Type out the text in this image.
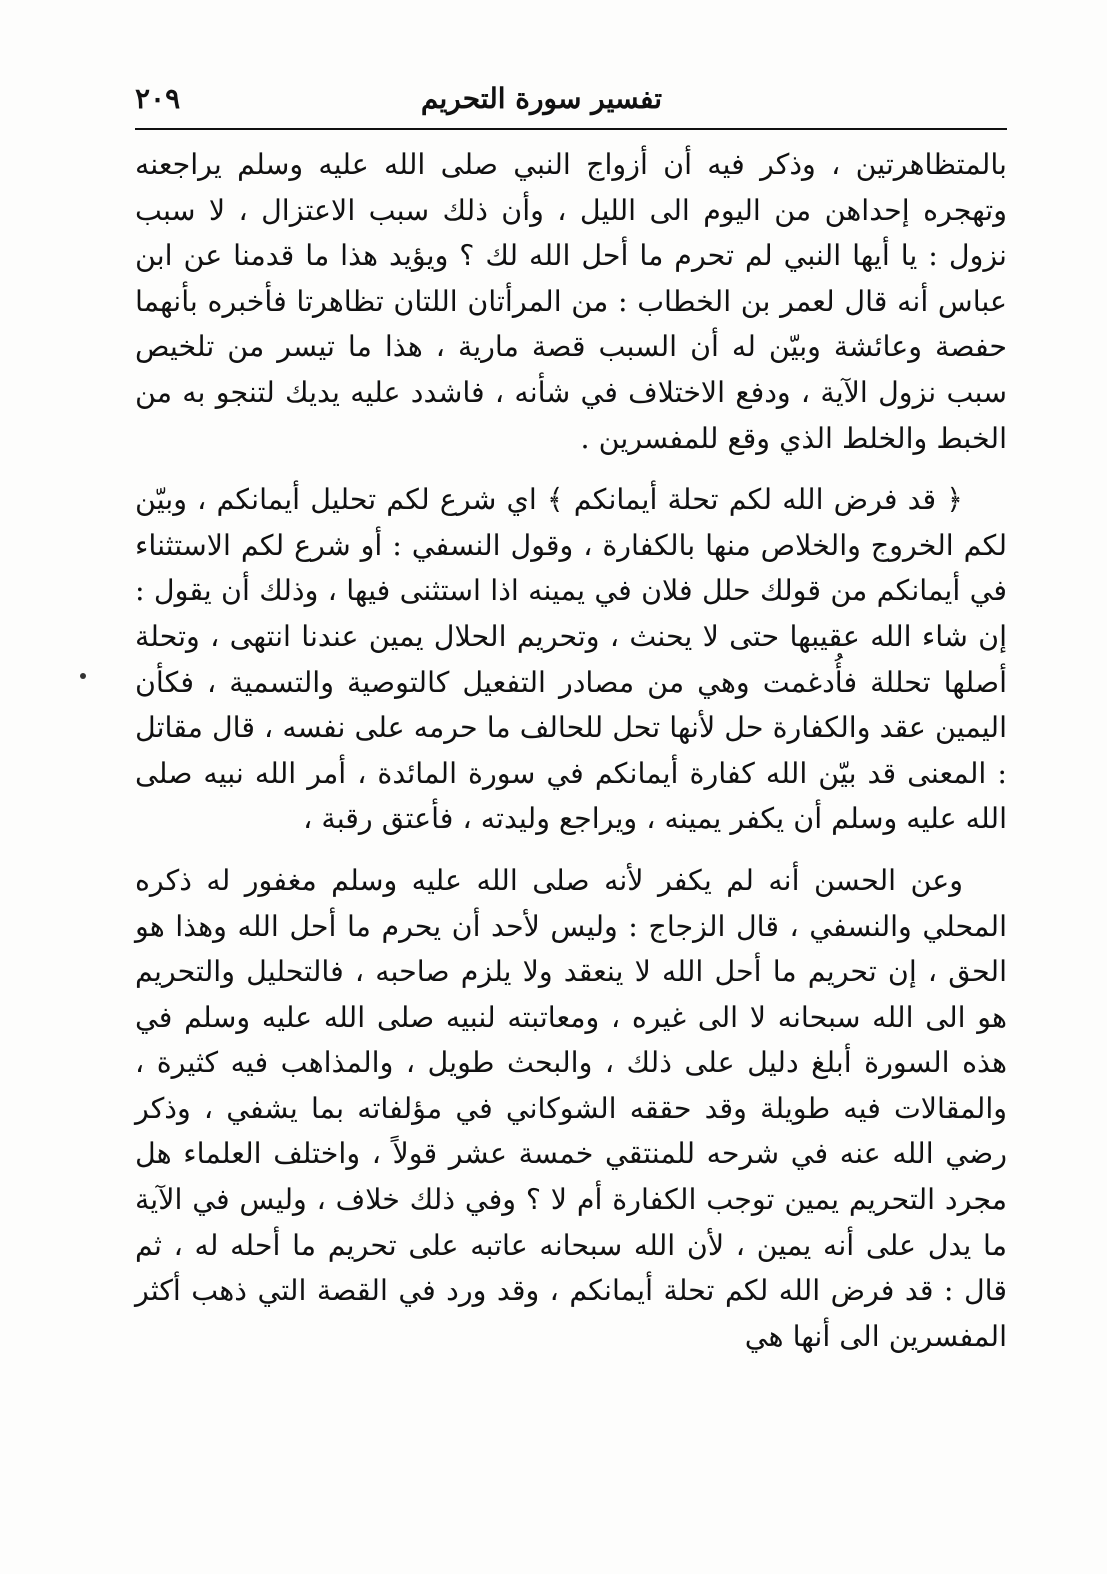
تفسير سورة التحريم
٢٠٩

بالمتظاهرتين ، وذكر فيه أن أزواج النبي صلى الله عليه وسلم يراجعنه وتهجره إحداهن من اليوم الى الليل ، وأن ذلك سبب الاعتزال ، لا سبب نزول : يا أيها النبي لم تحرم ما أحل الله لك ؟ ويؤيد هذا ما قدمنا عن ابن عباس أنه قال لعمر بن الخطاب : من المرأتان اللتان تظاهرتا فأخبره بأنهما حفصة وعائشة وبيّن له أن السبب قصة مارية ، هذا ما تيسر من تلخيص سبب نزول الآية ، ودفع الاختلاف في شأنه ، فاشدد عليه يديك لتنجو به من الخبط والخلط الذي وقع للمفسرين .

﴿ قد فرض الله لكم تحلة أيمانكم ﴾ اي شرع لكم تحليل أيمانكم ، وبيّن لكم الخروج والخلاص منها بالكفارة ، وقول النسفي : أو شرع لكم الاستثناء في أيمانكم من قولك حلل فلان في يمينه اذا استثنى فيها ، وذلك أن يقول : إن شاء الله عقيبها حتى لا يحنث ، وتحريم الحلال يمين عندنا انتهى ، وتحلة أصلها تحللة فأُدغمت وهي من مصادر التفعيل كالتوصية والتسمية ، فكأن اليمين عقد والكفارة حل لأنها تحل للحالف ما حرمه على نفسه ، قال مقاتل : المعنى قد بيّن الله كفارة أيمانكم في سورة المائدة ، أمر الله نبيه صلى الله عليه وسلم أن يكفر يمينه ، ويراجع وليدته ، فأعتق رقبة ،

وعن الحسن أنه لم يكفر لأنه صلى الله عليه وسلم مغفور له ذكره المحلي والنسفي ، قال الزجاج : وليس لأحد أن يحرم ما أحل الله وهذا هو الحق ، إن تحريم ما أحل الله لا ينعقد ولا يلزم صاحبه ، فالتحليل والتحريم هو الى الله سبحانه لا الى غيره ، ومعاتبته لنبيه صلى الله عليه وسلم في هذه السورة أبلغ دليل على ذلك ، والبحث طويل ، والمذاهب فيه كثيرة ، والمقالات فيه طويلة وقد حققه الشوكاني في مؤلفاته بما يشفي ، وذكر رضي الله عنه في شرحه للمنتقي خمسة عشر قولاً ، واختلف العلماء هل مجرد التحريم يمين توجب الكفارة أم لا ؟ وفي ذلك خلاف ، وليس في الآية ما يدل على أنه يمين ، لأن الله سبحانه عاتبه على تحريم ما أحله له ، ثم قال : قد فرض الله لكم تحلة أيمانكم ، وقد ورد في القصة التي ذهب أكثر المفسرين الى أنها هي
